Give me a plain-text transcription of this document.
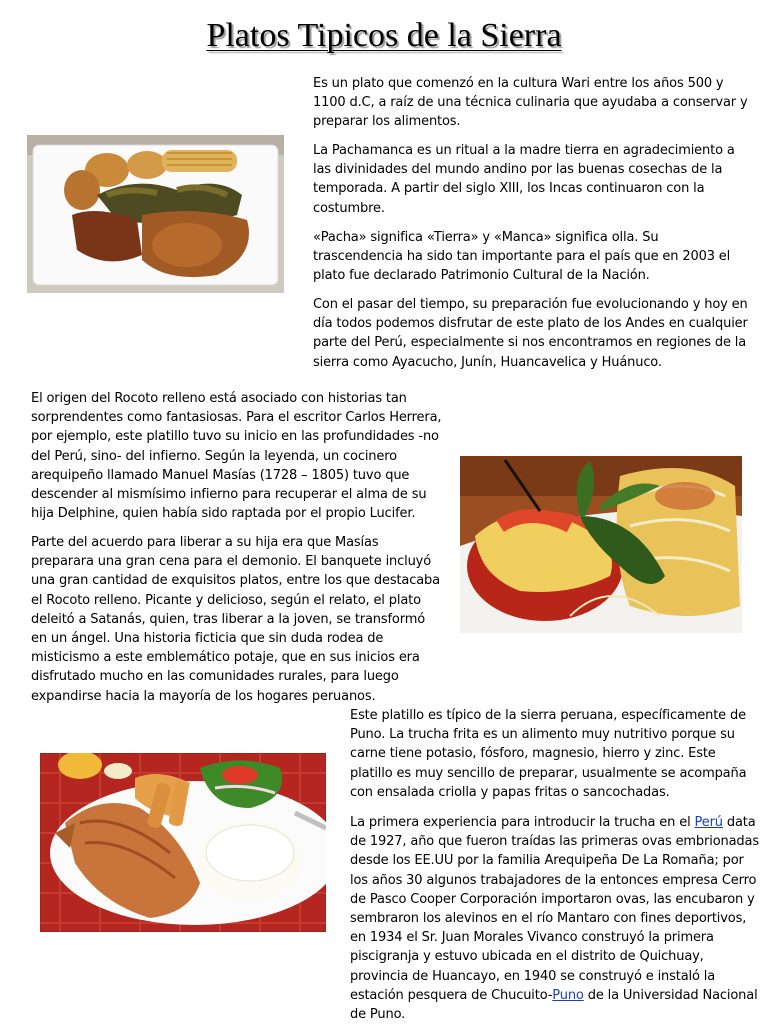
Platos Tipicos de la Sierra

Es un plato que comenzó en la cultura Wari entre los años 500 y 1100 d.C, a raíz de una técnica culinaria que ayudaba a conservar y preparar los alimentos.

La Pachamanca es un ritual a la madre tierra en agradecimiento a las divinidades del mundo andino por las buenas cosechas de la temporada. A partir del siglo XIII, los Incas continuaron con la costumbre.

«Pacha» significa «Tierra» y «Manca» significa olla. Su trascendencia ha sido tan importante para el país que en 2003 el plato fue declarado Patrimonio Cultural de la Nación.

Con el pasar del tiempo, su preparación fue evolucionando y hoy en día todos podemos disfrutar de este plato de los Andes en cualquier parte del Perú, especialmente si nos encontramos en regiones de la sierra como Ayacucho, Junín, Huancavelica y Huánuco.

El origen del Rocoto relleno está asociado con historias tan sorprendentes como fantasiosas. Para el escritor Carlos Herrera, por ejemplo, este platillo tuvo su inicio en las profundidades -no del Perú, sino- del infierno. Según la leyenda, un cocinero arequipeño llamado Manuel Masías (1728 – 1805) tuvo que descender al mismísimo infierno para recuperar el alma de su hija Delphine, quien había sido raptada por el propio Lucifer.

Parte del acuerdo para liberar a su hija era que Masías preparara una gran cena para el demonio. El banquete incluyó una gran cantidad de exquisitos platos, entre los que destacaba el Rocoto relleno. Picante y delicioso, según el relato, el plato deleitó a Satanás, quien, tras liberar a la joven, se transformó en un ángel. Una historia ficticia que sin duda rodea de misticismo a este emblemático potaje, que en sus inicios era disfrutado mucho en las comunidades rurales, para luego expandirse hacia la mayoría de los hogares peruanos.

Este platillo es típico de la sierra peruana, específicamente de Puno. La trucha frita es un alimento muy nutritivo porque su carne tiene potasio, fósforo, magnesio, hierro y zinc. Este platillo es muy sencillo de preparar, usualmente se acompaña con ensalada criolla y papas fritas o sancochadas.

La primera experiencia para introducir la trucha en el Perú data de 1927, año que fueron traídas las primeras ovas embrionadas desde los EE.UU por la familia Arequipeña De La Romaña; por los años 30 algunos trabajadores de la entonces empresa Cerro de Pasco Cooper Corporación importaron ovas, las encubaron y sembraron los alevinos en el río Mantaro con fines deportivos, en 1934 el Sr. Juan Morales Vivanco construyó la primera piscigranja y estuvo ubicada en el distrito de Quichuay, provincia de Huancayo, en 1940 se construyó e instaló la estación pesquera de Chucuito-Puno de la Universidad Nacional de Puno.
